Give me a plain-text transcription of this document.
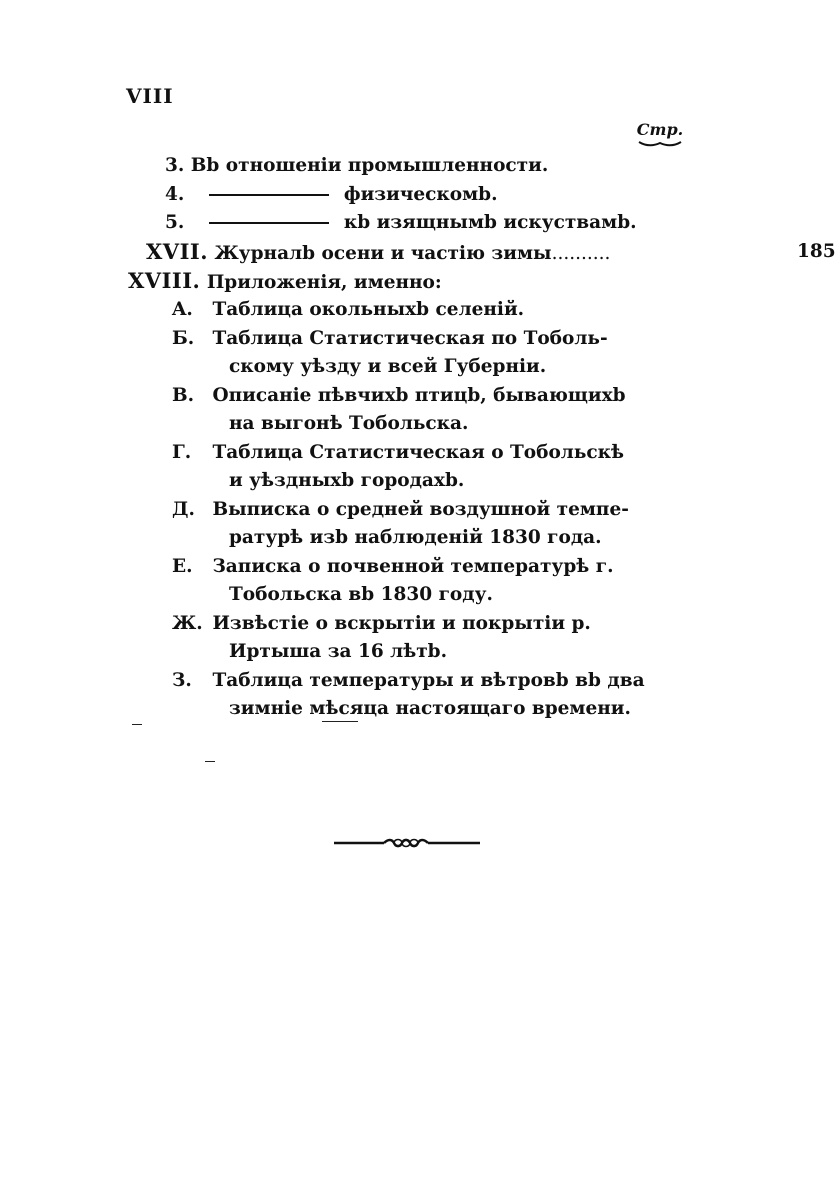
VIII
Стр.
3. Bb отношенiи промышленности.
4.	физическомb.
5.	кb изящнымb искуствамb.
XVII. Журналb осени и частiю зимы..........	185
XVIII. Приложенiя, именно:
A. Таблица окольныхb селенiй.
Б. Таблица Статистическая по Тоболь-
скому уѣзду и всей Губернiи.
В. Описанiе пѣвчихb птицb, бывающихb
на выгонѣ Тобольска.
Г. Таблица Статистическая о Тобольскѣ
и уѣздныхb городахb.
Д. Выписка о средней воздушной темпе-
ратурѣ изb наблюденiй 1830 года.
Е. Записка о почвенной температурѣ г.
Тобольска вb 1830 году.
Ж. Извѣстiе о вскрытiи и покрытiи р.
Иртыша за 16 лѣтb.
З. Таблица температуры и вѣтровb вb два
зимнiе мѣсяца настоящаго времени.
